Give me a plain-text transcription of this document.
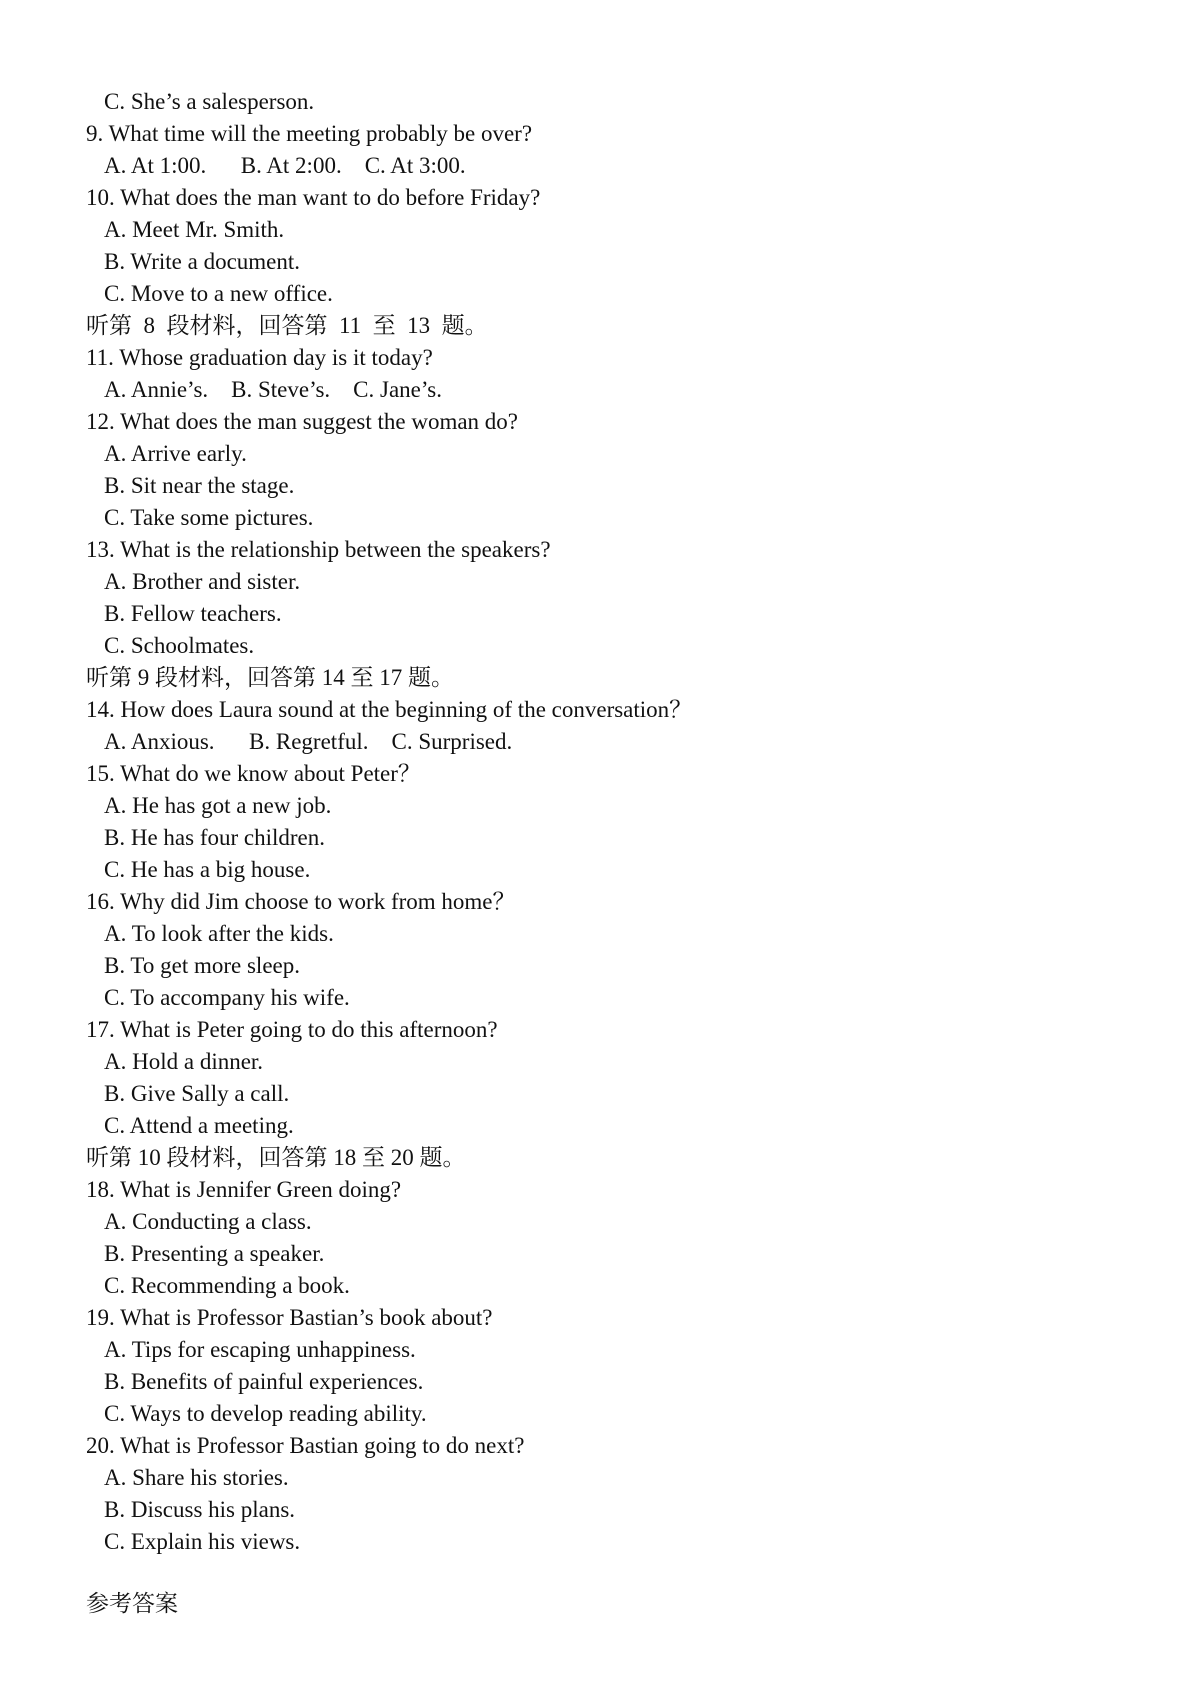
C. She’s a salesperson.
9. What time will the meeting probably be over?
A. At 1:00.      B. At 2:00.    C. At 3:00.
10. What does the man want to do before Friday?
A. Meet Mr. Smith.
B. Write a document.
C. Move to a new office.
听第  8  段材料，回答第  11  至  13  题。
11. Whose graduation day is it today?
A. Annie’s.    B. Steve’s.    C. Jane’s.
12. What does the man suggest the woman do?
A. Arrive early.
B. Sit near the stage.
C. Take some pictures.
13. What is the relationship between the speakers?
A. Brother and sister.
B. Fellow teachers.
C. Schoolmates.
听第 9 段材料，回答第 14 至 17 题。
14. How does Laura sound at the beginning of the conversation？
A. Anxious.      B. Regretful.    C. Surprised.
15. What do we know about Peter？
A. He has got a new job.
B. He has four children.
C. He has a big house.
16. Why did Jim choose to work from home？
A. To look after the kids.
B. To get more sleep.
C. To accompany his wife.
17. What is Peter going to do this afternoon?
A. Hold a dinner.
B. Give Sally a call.
C. Attend a meeting.
听第 10 段材料，回答第 18 至 20 题。
18. What is Jennifer Green doing?
A. Conducting a class.
B. Presenting a speaker.
C. Recommending a book.
19. What is Professor Bastian’s book about?
A. Tips for escaping unhappiness.
B. Benefits of painful experiences.
C. Ways to develop reading ability.
20. What is Professor Bastian going to do next?
A. Share his stories.
B. Discuss his plans.
C. Explain his views.
参考答案
